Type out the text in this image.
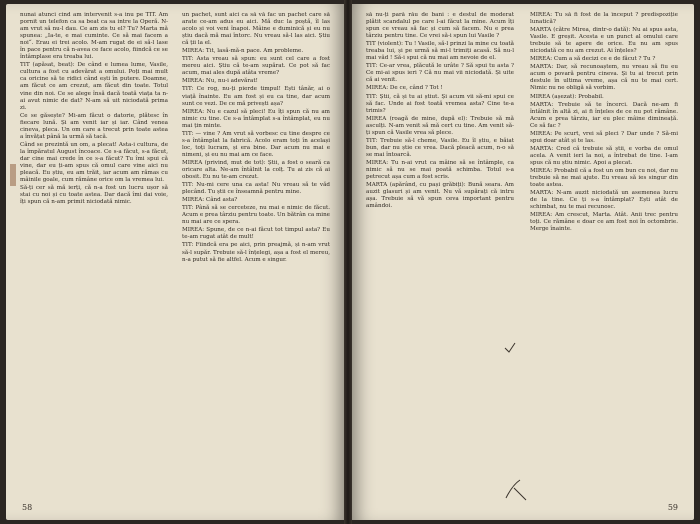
nunai atunci cind am intervenit s-a inu pe TIT. Am pornit un telefon ca sa beat ca sa intre la Operă. N-am vrut să nu-l dau. Ce am zis tu el? Tu? Marta mă spunea: „Ia-te, e mai cuminte. Ce să mai facem a noi“. Erau ei trei acolo. M-am rugat de ei să-l lase în pace pentru că n-avea ce face acolo, fiindcă ce se întâmplase era treaba lui.

TIT (apăsat, beat): De când e lumea lume, Vasile, cultura a fost cu adevărat a omului. Poți mai mult ca oricine să te ridici când ești în putere. Doamne, am făcut ce am crezut, am făcut din toate. Totul vine din noi. Ce se alege însă dacă toată viața ta n-ai avut nimic de dat? N-am să uit niciodată prima zi.

Ce se găsește? Mi-am făcut o datorie, plătesc în fiecare lună. Și am venit iar și iar. Când venea cineva, pleca. Un om care a trecut prin toate astea a învățat până la urmă să tacă.

Când se prezintă un om, a plecat! Asta-i cultura, de la împăratul August încoace. Ce s-a făcut, s-a făcut, dar cine mai crede în ce s-a făcut? Tu îmi spui că vine, dar eu ți-am spus că omul care vine aici nu pleacă. Eu știu, eu am trăit, iar acum am rămas cu mâinile goale, cum rămâne orice om la vremea lui.

Să-ți cer să mă ierți, că n-a fost un lucru ușor să stai cu noi și cu toate astea. Dar dacă îmi dai voie, îți spun că n-am primit niciodată nimic.

un pachet, sunt aici ca să vă fac un pachet care să arate ce-am adus eu aici. Mă duc la poștă, îl las acolo și voi veni înapoi. Mâine e duminică și eu nu știu dacă mă mai întorc. Nu vreau să-l las aici. Știu că ții la el.

MIREA: Tit, lasă-mă-n pace. Am probleme.

TIT: Asta vreau să spun: eu sunt cel care a fost mereu aici. Știu că te-am supărat. Ce pot să fac acum, mai ales după atâta vreme?

MIREA: Nu, nu-i adevărat!

TIT: Ce rog, nu-ți pierde timpul! Ești tânăr, ai o viață înainte. Eu am fost și eu ca tine, dar acum sunt ce vezi. De ce mă privești așa?

MIREA: Nu e cazul să pleci! Eu îți spun că nu am nimic cu tine. Ce s-a întâmplat s-a întâmplat, eu nu mai țin minte.

TIT: — vine ? Am vrut să vorbesc cu tine despre ce s-a întâmplat la fabrică. Acolo eram toți în același loc, toți lucram, și era bine. Dar acum nu mai e nimeni, și eu nu mai am ce face.

MIREA (privind, mut de tot): Știi, a fost o seară ca oricare alta. Ne-am întâlnit la colț. Tu ai zis că ai obosit. Eu nu te-am crezut.

TIT: Nu-mi cere una ca asta! Nu vreau să te văd plecând. Tu știi ce înseamnă pentru mine.

MIREA: Când asta?

TIT: Până să se cerceteze, nu mai e nimic de făcut. Acum e prea târziu pentru toate. Un bătrân ca mine nu mai are ce spera.

MIREA: Spune, de ce n-ai făcut tot timpul asta? Eu te-am rugat atât de mult!

TIT: Fiindcă era pe aici, prin preajmă, și n-am vrut să-l supăr. Trebuie să-l înțelegi, așa a fost el mereu, n-a putut să fie altfel. Acum e singur.

58

să nu-ți pară rău de bani : e destul de moderat plătit scandalul pe care l-ai făcut la mine. Acum îți spun ce vreau să fac și cum să facem. Nu e prea târziu pentru tine. Ce vrei să-i spun lui Vasile ?

TIT (violent): Tu ! Vasile, să-l prinzi la mine cu toată treaba lui, și pe urmă să mi-l trimiți acasă. Să nu-l mai văd ! Să-i spui că nu mai am nevoie de el.

TIT: Ce-ar vrea, plăcută le urâte ? Să spui tu asta ? Ce mi-ai spus ieri ? Că nu mai vii niciodată. Și uite că ai venit.

MIREA: De ce, când ? Tot !

TIT: Știi, că și tu ai știut. Și acum vii să-mi spui ce să fac. Unde ai fost toată vremea asta? Cine te-a trimis?

MIREA (roagă de mine, după el): Trebuie să mă asculți. N-am venit să mă cert cu tine. Am venit să-ți spun că Vasile vrea să plece.

TIT: Trebuie să-l cheme, Vasile. Eu îl știu, e băiat bun, dar nu știe ce vrea. Dacă pleacă acum, n-o să se mai întoarcă.

MIREA: Tu n-ai vrut ca mâine să se întâmple, ca nimic să nu se mai poată schimba. Totul s-a petrecut așa cum a fost scris.

MARTA (apărând, cu pași grăbiți): Bună seara. Am auzit glasuri și am venit. Nu vă supărați că intru așa. Trebuie să vă spun ceva important pentru amândoi.

MIREA: Tu să fi fost de la început ? predispoziție lunatică?

MARTA (către Mirea, dintr-o dată): Nu ai spus asta, Vasile. E greșit. Acesta e un punct al omului care trebuie să te apere de orice. Eu nu am spus niciodată ce nu am crezut. Ai înțeles?

MIREA: Cum a să decizi ce e de făcut ? Tu ?

MARTA: Dar, să recunoaștem, nu vreau să fiu eu acum o povară pentru cineva. Și tu ai trecut prin destule în ultima vreme, așa că nu te mai cert. Nimic nu ne obligă să vorbim.

MIREA (așezat): Probabil.

MARTA: Trebuie să te încerci. Dacă ne-am fi întâlnit în altă zi, ai fi înțeles de ce nu pot rămâne. Acum e prea târziu, iar eu plec mâine dimineață. Ce să fac ?

MIREA: Pe scurt, vrei să pleci ? Dar unde ? Să-mi spui doar atât și te las.

MARTA: Cred că trebuie să știi, e vorba de omul acela. A venit ieri la noi, a întrebat de tine. I-am spus că nu știu nimic. Apoi a plecat.

MIREA: Probabil că a fost un om bun cu noi, dar nu trebuie să ne mai ajute. Eu vreau să ies singur din toate astea.

MARTA: N-am auzit niciodată un asemenea lucru de la tine. Ce ți s-a întâmplat? Ești atât de schimbat, nu te mai recunosc.

MIREA: Am crescut, Marta. Atât. Anii trec pentru toți. Ce rămâne e doar ce am fost noi în octombrie. Merge înainte.

59
